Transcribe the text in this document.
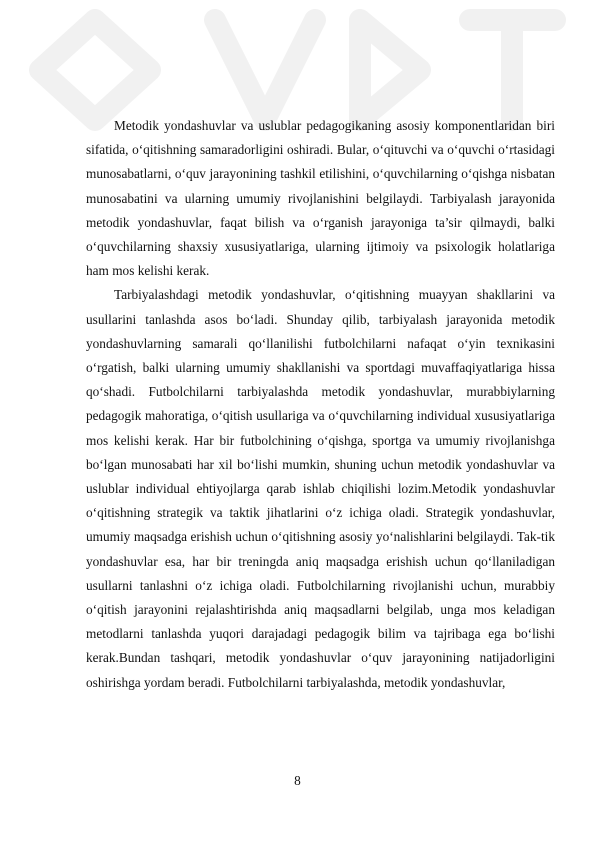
Metodik yondashuvlar va uslublar pedagogikaning asosiy komponentlaridan biri sifatida, o‘qitishning samaradorligini oshiradi. Bular, o‘qituvchi va o‘quvchi o‘rtasidagi munosabatlarni, o‘quv jarayonining tashkil etilishini, o‘quvchilarning o‘qishga nisbatan munosabatini va ularning umumiy rivojlanishini belgilaydi. Tarbiyalash jarayonida metodik yondashuvlar, faqat bilish va o‘rganish jarayoniga ta’sir qilmaydi, balki o‘quvchilarning shaxsiy xususiyatlariga, ularning ijtimoiy va psixologik holatlariga ham mos kelishi kerak.

Tarbiyalashdagi metodik yondashuvlar, o‘qitishning muayyan shakllarini va usullarini tanlashda asos bo‘ladi. Shunday qilib, tarbiyalash jarayonida metodik yondashuvlarning samarali qo‘llanilishi futbolchilarni nafaqat o‘yin texnikasini o‘rgatish, balki ularning umumiy shakllanishi va sportdagi muvaffaqiyatlariga hissa qo‘shadi. Futbolchilarni tarbiyalashda metodik yondashuvlar, murabbiylarning pedagogik mahoratiga, o‘qitish usullariga va o‘quvchilarning individual xususiyatlariga mos kelishi kerak. Har bir futbolchining o‘qishga, sportga va umumiy rivojlanishga bo‘lgan munosabati har xil bo‘lishi mumkin, shuning uchun metodik yondashuvlar va uslublar individual ehtiyojlarga qarab ishlab chiqilishi lozim.Metodik yondashuvlar o‘qitishning strategik va taktik jihatlarini o‘z ichiga oladi. Strategik yondashuvlar, umumiy maqsadga erishish uchun o‘qitishning asosiy yo‘nalishlarini belgilaydi. Tak-tik yondashuvlar esa, har bir treningda aniq maqsadga erishish uchun qo‘llaniladigan usullarni tanlashni o‘z ichiga oladi. Futbolchilarning rivojlanishi uchun, murabbiy o‘qitish jarayonini rejalashtirishda aniq maqsadlarni belgilab, unga mos keladigan metodlarni tanlashda yuqori darajadagi pedagogik bilim va tajribaga ega bo‘lishi kerak.Bundan tashqari, metodik yondashuvlar o‘quv jarayonining natijadorligini oshirishga yordam beradi. Futbolchilarni tarbiyalashda, metodik yondashuvlar,

8
